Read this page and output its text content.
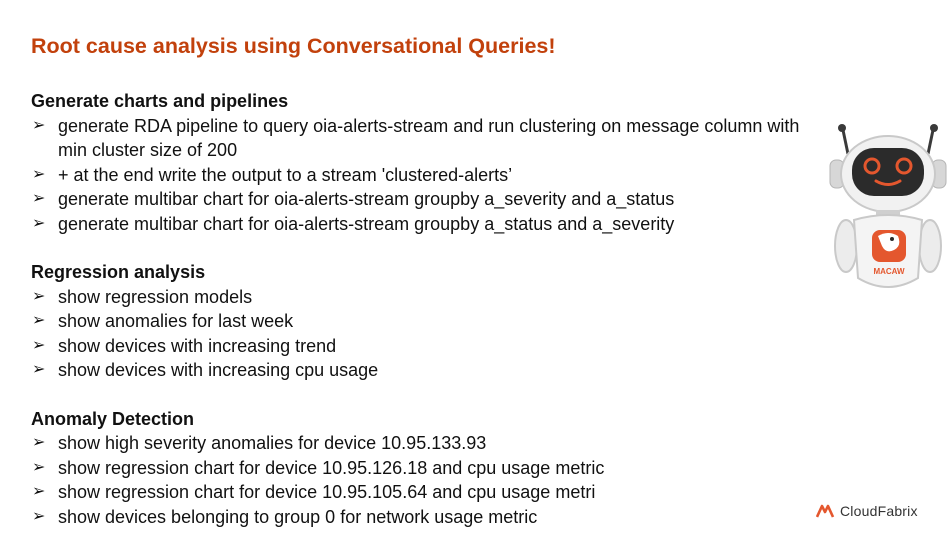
Root cause analysis using Conversational Queries!
Generate charts and pipelines
➢ generate RDA pipeline to query oia-alerts-stream and run clustering on message column with min cluster size of 200
➢ + at the end write the output to a stream 'clustered-alerts’
➢ generate multibar chart for oia-alerts-stream groupby a_severity and a_status
➢ generate multibar chart for oia-alerts-stream groupby a_status and a_severity
Regression analysis
➢ show regression models
➢ show anomalies for last week
➢ show devices with increasing trend
➢ show devices with increasing cpu usage
Anomaly Detection
➢ show high severity anomalies for device 10.95.133.93
➢ show regression chart for device 10.95.126.18 and cpu usage metric
➢ show regression chart for device 10.95.105.64 and cpu usage metri
➢ show devices belonging to group 0 for network usage metric
MACAW
CloudFabrix
